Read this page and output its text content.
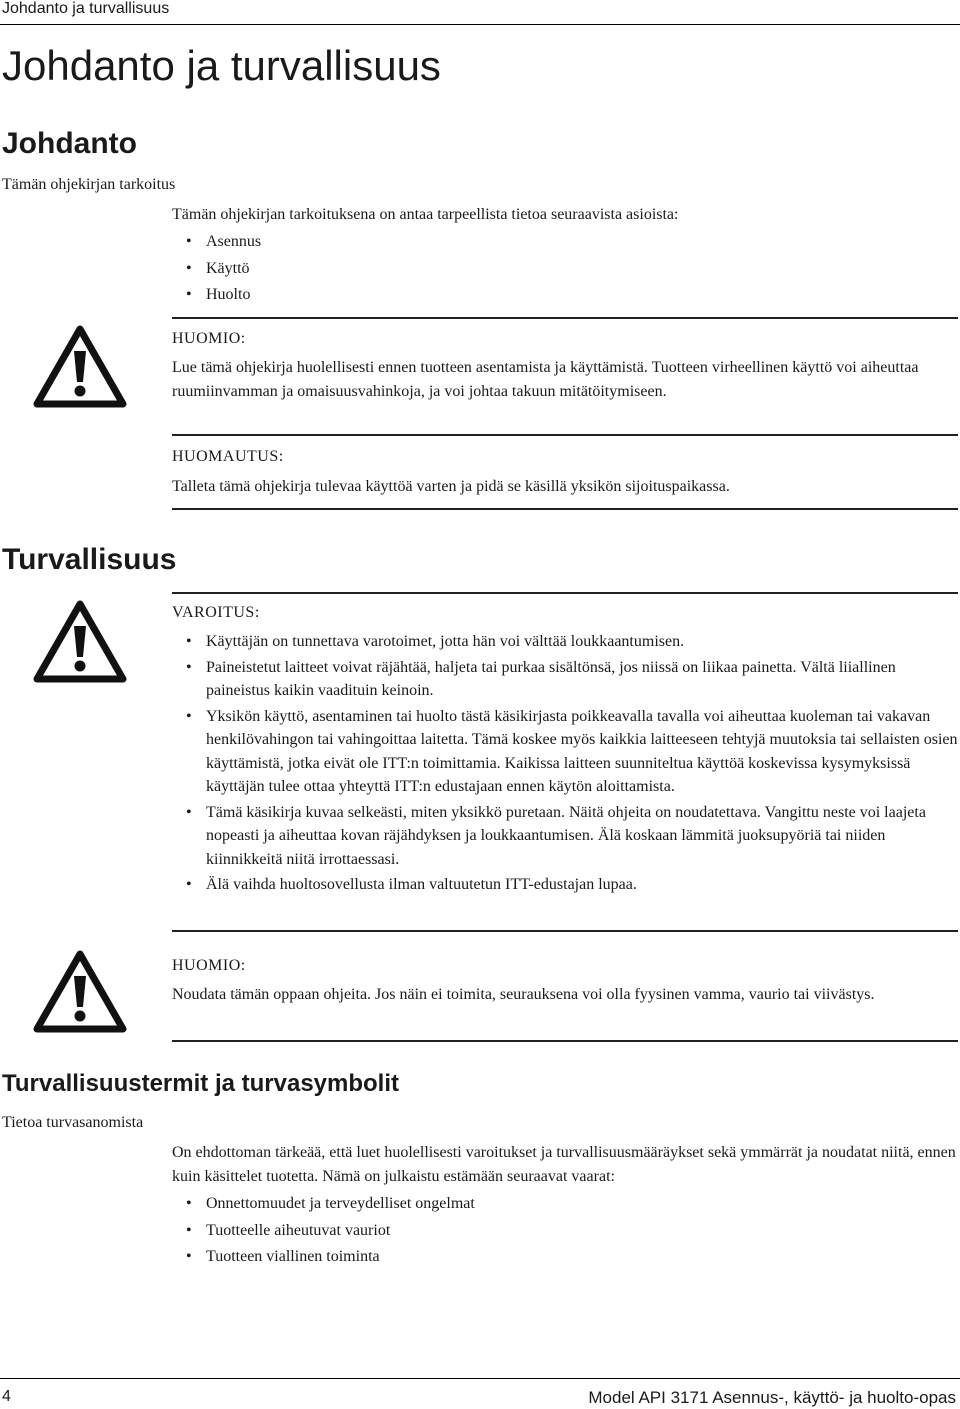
Johdanto ja turvallisuus
Johdanto ja turvallisuus
Johdanto
Tämän ohjekirjan tarkoitus

Tämän ohjekirjan tarkoituksena on antaa tarpeellista tietoa seuraavista asioista:

• Asennus
• Käyttö
• Huolto
HUOMIO:

Lue tämä ohjekirja huolellisesti ennen tuotteen asentamista ja käyttämistä. Tuotteen virheellinen käyttö voi aiheuttaa ruumiinvamman ja omaisuusvahinkoja, ja voi johtaa takuun mitätöitymiseen.

HUOMAUTUS:

Talleta tämä ohjekirja tulevaa käyttöä varten ja pidä se käsillä yksikön sijoituspaikassa.

Turvallisuus
VAROITUS:
• Käyttäjän on tunnettava varotoimet, jotta hän voi välttää loukkaantumisen.
• Paineistetut laitteet voivat räjähtää, haljeta tai purkaa sisältönsä, jos niissä on liikaa painetta. Vältä liiallinen paineistus kaikin vaadituin keinoin.
• Yksikön käyttö, asentaminen tai huolto tästä käsikirjasta poikkeavalla tavalla voi aiheuttaa kuoleman tai vakavan henkilövahingon tai vahingoittaa laitetta. Tämä koskee myös kaikkia laitteeseen tehtyjä muutoksia tai sellaisten osien käyttämistä, jotka eivät ole ITT:n toimittamia. Kaikissa laitteen suunniteltua käyttöä koskevissa kysymyksissä käyttäjän tulee ottaa yhteyttä ITT:n edustajaan ennen käytön aloittamista.
• Tämä käsikirja kuvaa selkeästi, miten yksikkö puretaan. Näitä ohjeita on noudatettava. Vangittu neste voi laajeta nopeasti ja aiheuttaa kovan räjähdyksen ja loukkaantumisen. Älä koskaan lämmitä juoksupyöriä tai niiden kiinnikkeitä niitä irrottaessasi.
• Älä vaihda huoltosovellusta ilman valtuutetun ITT-edustajan lupaa.
HUOMIO:

Noudata tämän oppaan ohjeita. Jos näin ei toimita, seurauksena voi olla fyysinen vamma, vaurio tai viivästys.

Turvallisuustermit ja turvasymbolit
Tietoa turvasanomista

On ehdottoman tärkeää, että luet huolellisesti varoitukset ja turvallisuusmääräykset sekä ymmärrät ja noudatat niitä, ennen kuin käsittelet tuotetta. Nämä on julkaistu estämään seuraavat vaarat:

• Onnettomuudet ja terveydelliset ongelmat
• Tuotteelle aiheutuvat vauriot
• Tuotteen viallinen toiminta
4	Model API 3171 Asennus-, käyttö- ja huolto-opas
